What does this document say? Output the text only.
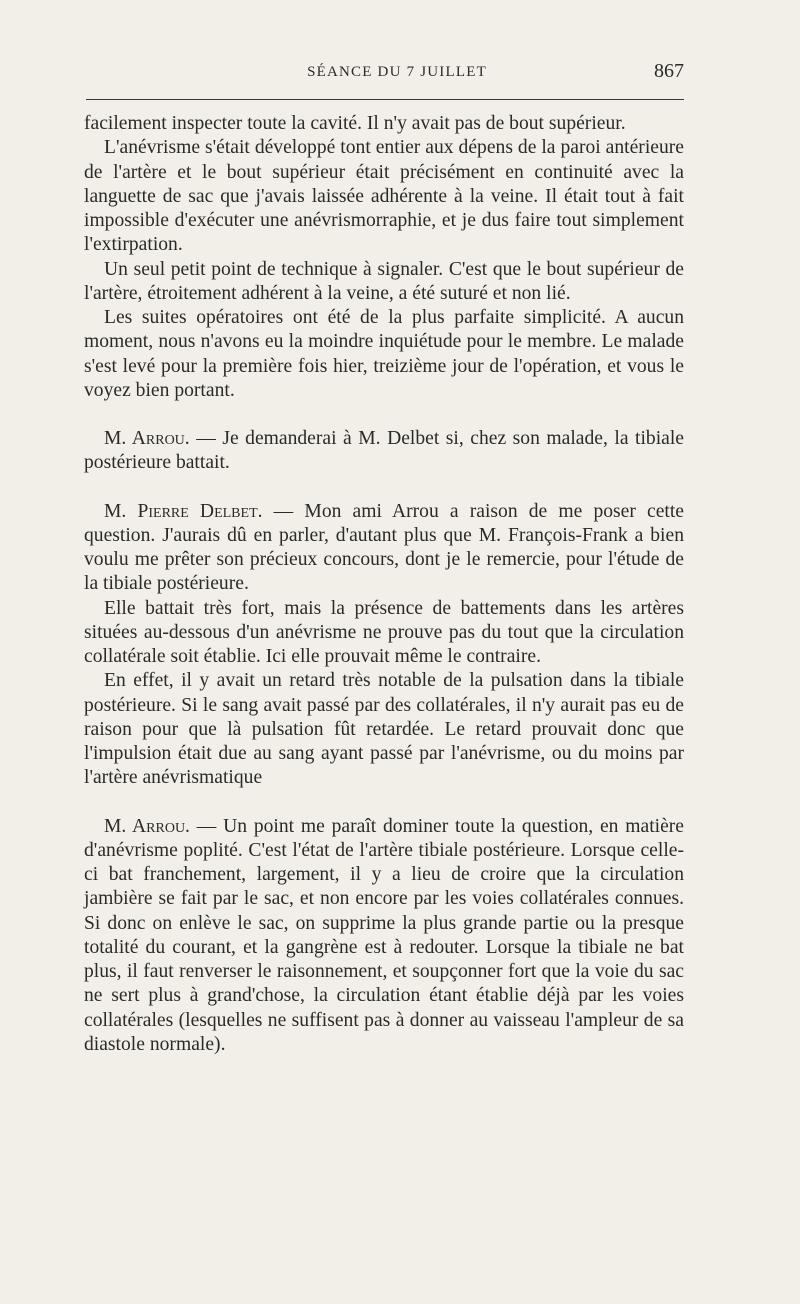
SÉANCE DU 7 JUILLET	867

facilement inspecter toute la cavité. Il n'y avait pas de bout supérieur.

L'anévrisme s'était développé tont entier aux dépens de la paroi antérieure de l'artère et le bout supérieur était précisément en continuité avec la languette de sac que j'avais laissée adhérente à la veine. Il était tout à fait impossible d'exécuter une anévrismorraphie, et je dus faire tout simplement l'extirpation.

Un seul petit point de technique à signaler. C'est que le bout supérieur de l'artère, étroitement adhérent à la veine, a été suturé et non lié.

Les suites opératoires ont été de la plus parfaite simplicité. A aucun moment, nous n'avons eu la moindre inquiétude pour le membre. Le malade s'est levé pour la première fois hier, treizième jour de l'opération, et vous le voyez bien portant.

M. Arrou. — Je demanderai à M. Delbet si, chez son malade, la tibiale postérieure battait.

M. Pierre Delbet. — Mon ami Arrou a raison de me poser cette question. J'aurais dû en parler, d'autant plus que M. François-Frank a bien voulu me prêter son précieux concours, dont je le remercie, pour l'étude de la tibiale postérieure.

Elle battait très fort, mais la présence de battements dans les artères situées au-dessous d'un anévrisme ne prouve pas du tout que la circulation collatérale soit établie. Ici elle prouvait même le contraire.

En effet, il y avait un retard très notable de la pulsation dans la tibiale postérieure. Si le sang avait passé par des collatérales, il n'y aurait pas eu de raison pour que là pulsation fût retardée. Le retard prouvait donc que l'impulsion était due au sang ayant passé par l'anévrisme, ou du moins par l'artère anévrismatique

M. Arrou. — Un point me paraît dominer toute la question, en matière d'anévrisme poplité. C'est l'état de l'artère tibiale postérieure. Lorsque celle-ci bat franchement, largement, il y a lieu de croire que la circulation jambière se fait par le sac, et non encore par les voies collatérales connues. Si donc on enlève le sac, on supprime la plus grande partie ou la presque totalité du courant, et la gangrène est à redouter. Lorsque la tibiale ne bat plus, il faut renverser le raisonnement, et soupçonner fort que la voie du sac ne sert plus à grand'chose, la circulation étant établie déjà par les voies collatérales (lesquelles ne suffisent pas à donner au vaisseau l'ampleur de sa diastole normale).
